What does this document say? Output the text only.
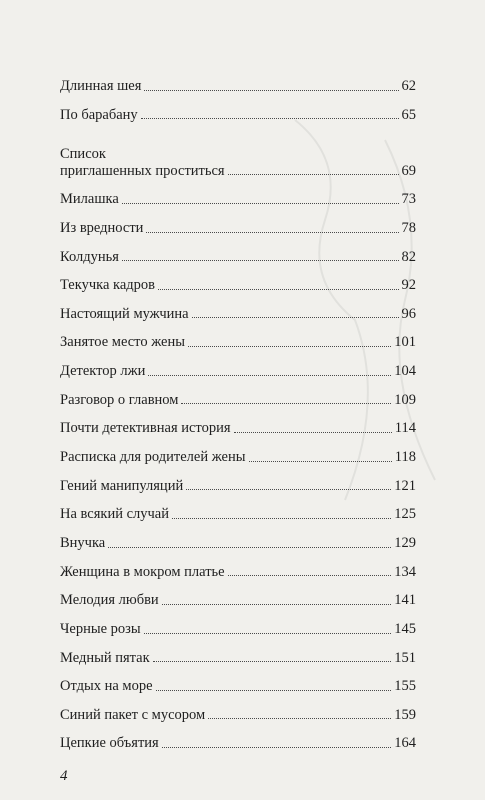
Длинная шея	62
По барабану	65
Список
приглашенных проститься	69
Милашка	73
Из вредности	78
Колдунья	82
Текучка кадров	92
Настоящий мужчина	96
Занятое место жены	101
Детектор лжи	104
Разговор о главном	109
Почти детективная история	114
Расписка для родителей жены	118
Гений манипуляций	121
На всякий случай	125
Внучка	129
Женщина в мокром платье	134
Мелодия любви	141
Черные розы	145
Медный пятак	151
Отдых на море	155
Синий пакет с мусором	159
Цепкие объятия	164
4
